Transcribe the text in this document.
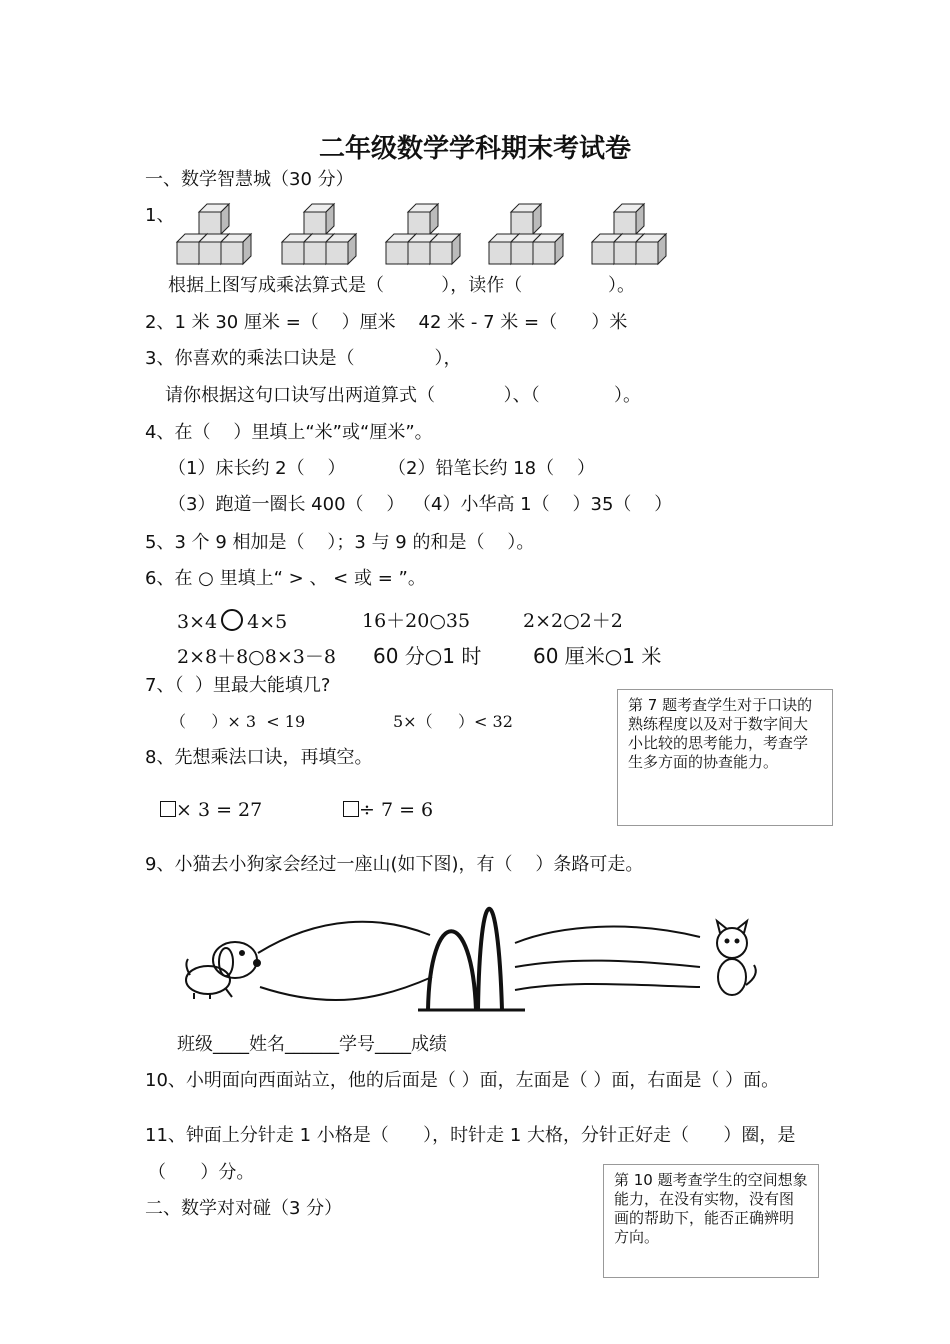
二年级数学学科期末考试卷
一、数学智慧城（30 分）
1、
根据上图写成乘法算式是（          ），读作（               ）。
2、1 米 30 厘米 =（    ）厘米    42 米 - 7 米 =（      ）米
3、你喜欢的乘法口诀是（              ），
请你根据这句口诀写出两道算式（            ）、（             ）。
4、在（    ）里填上“米”或“厘米”。
（1）床长约 2（    ） （2）铅笔长约 18（    ）
（3）跑道一圈长 400（    ） （4）小华高 1（    ）35（    ）
5、3 个 9 相加是（    ）；3 与 9 的和是（    ）。
6、在 ○ 里填上“ > 、 < 或 = ”。
3×4 4×5	16＋20○35	2×2○2＋2
2×8＋8○8×3－8 60 分○1 时	60 厘米○1 米
7、（  ）里最大能填几?
（     ）× 3  < 19	5×（     ）< 32
8、先想乘法口诀，再填空。
× 3 = 27	÷ 7 = 6
第 7 题考查学生对于口诀的熟练程度以及对于数字间大小比较的思考能力，考查学生多方面的协查能力。
9、小猫去小狗家会经过一座山(如下图)，有（    ）条路可走。
班级____姓名______学号____成绩
10、小明面向西面站立，他的后面是（ ）面，左面是（ ）面，右面是（ ）面。
11、钟面上分针走 1 小格是（      ），时针走 1 大格，分针正好走（      ）圈，是
（      ）分。
二、数学对对碰（3 分）
第 10 题考查学生的空间想象能力，在没有实物，没有图画的帮助下，能否正确辨明方向。
